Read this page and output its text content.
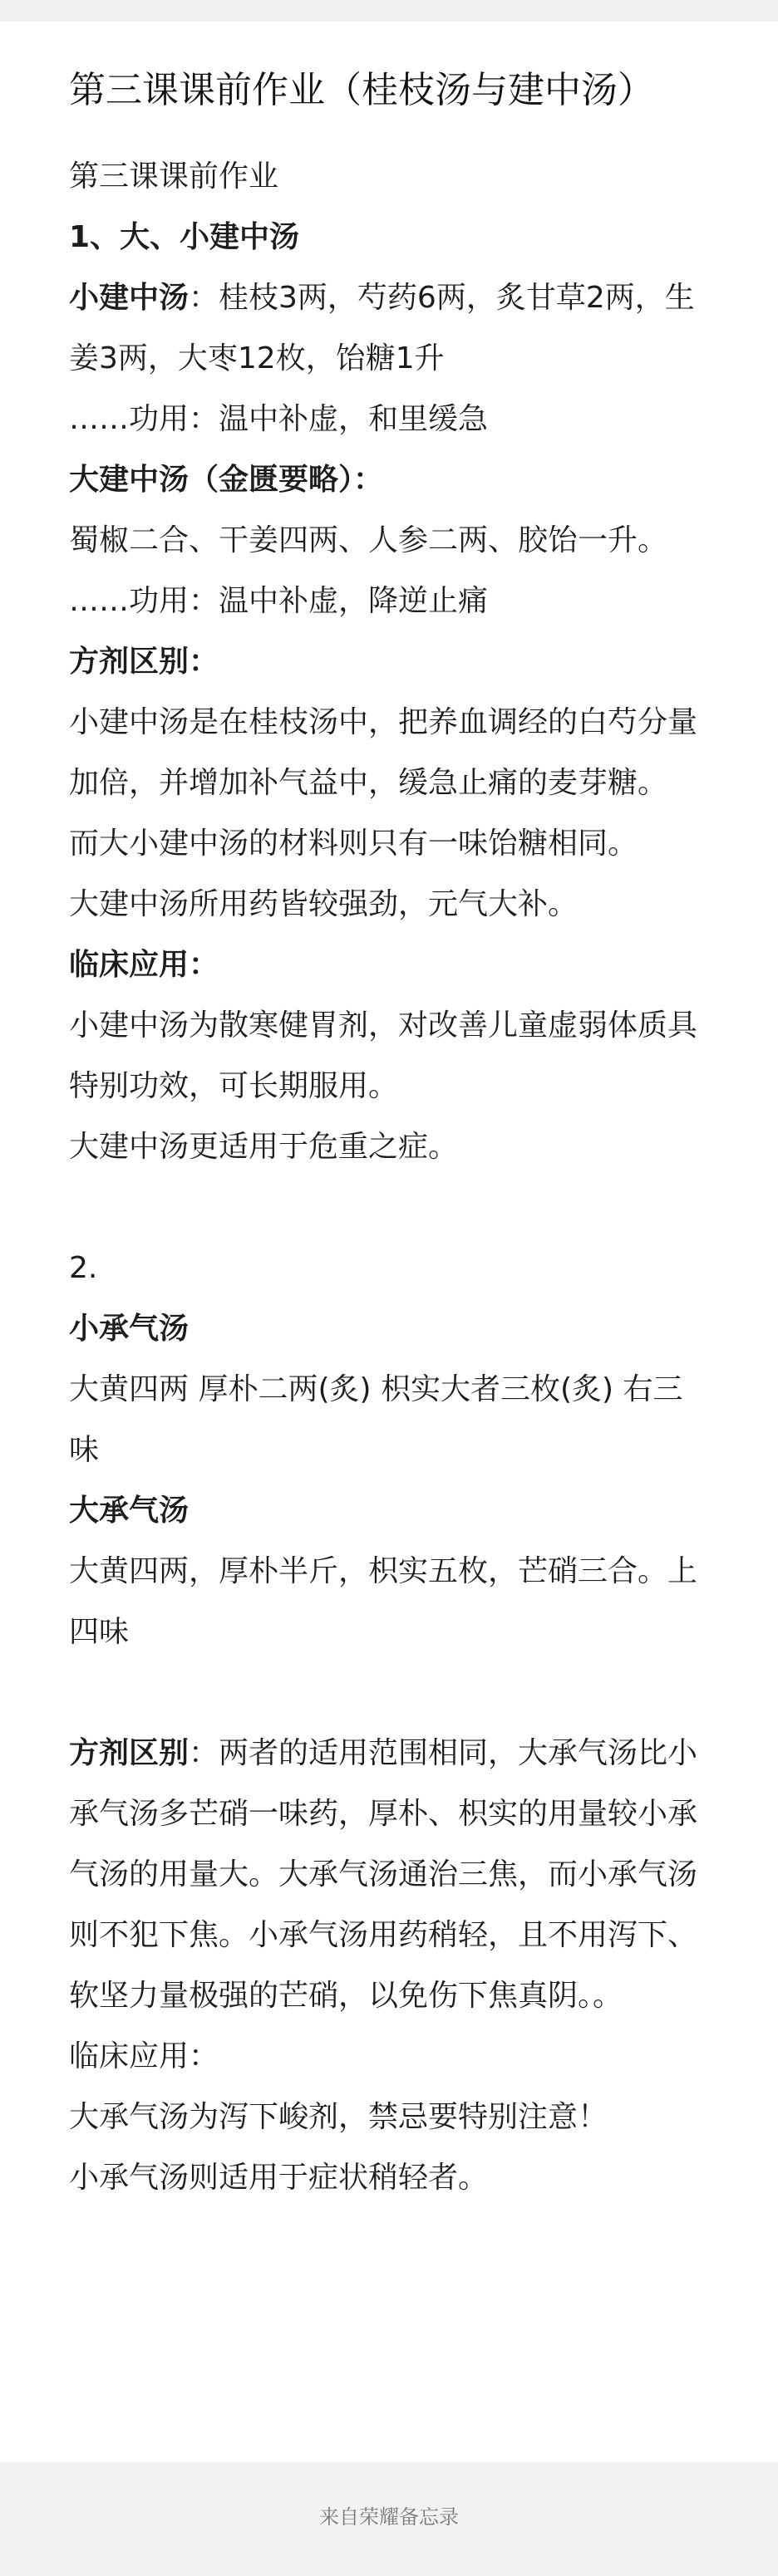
第三课课前作业（桂枝汤与建中汤）

第三课课前作业

1、大、小建中汤

小建中汤：桂枝3两，芍药6两，炙甘草2两，生姜3两，大枣12枚，饴糖1升

……功用：温中补虚，和里缓急

大建中汤（金匮要略）：

蜀椒二合、干姜四两、人参二两、胶饴一升。

……功用：温中补虚，降逆止痛

方剂区别：

小建中汤是在桂枝汤中，把养血调经的白芍分量加倍，并增加补气益中，缓急止痛的麦芽糖。

而大小建中汤的材料则只有一味饴糖相同。

大建中汤所用药皆较强劲，元气大补。

临床应用：

小建中汤为散寒健胃剂，对改善儿童虚弱体质具特别功效，可长期服用。

大建中汤更适用于危重之症。

2.

小承气汤

大黄四两 厚朴二两(炙) 枳实大者三枚(炙) 右三味

大承气汤

大黄四两，厚朴半斤，枳实五枚，芒硝三合。上四味

方剂区别：两者的适用范围相同，大承气汤比小承气汤多芒硝一味药，厚朴、枳实的用量较小承气汤的用量大。大承气汤通治三焦，而小承气汤则不犯下焦。小承气汤用药稍轻，且不用泻下、软坚力量极强的芒硝，以免伤下焦真阴。。

临床应用：

大承气汤为泻下峻剂，禁忌要特别注意！

小承气汤则适用于症状稍轻者。

来自荣耀备忘录
